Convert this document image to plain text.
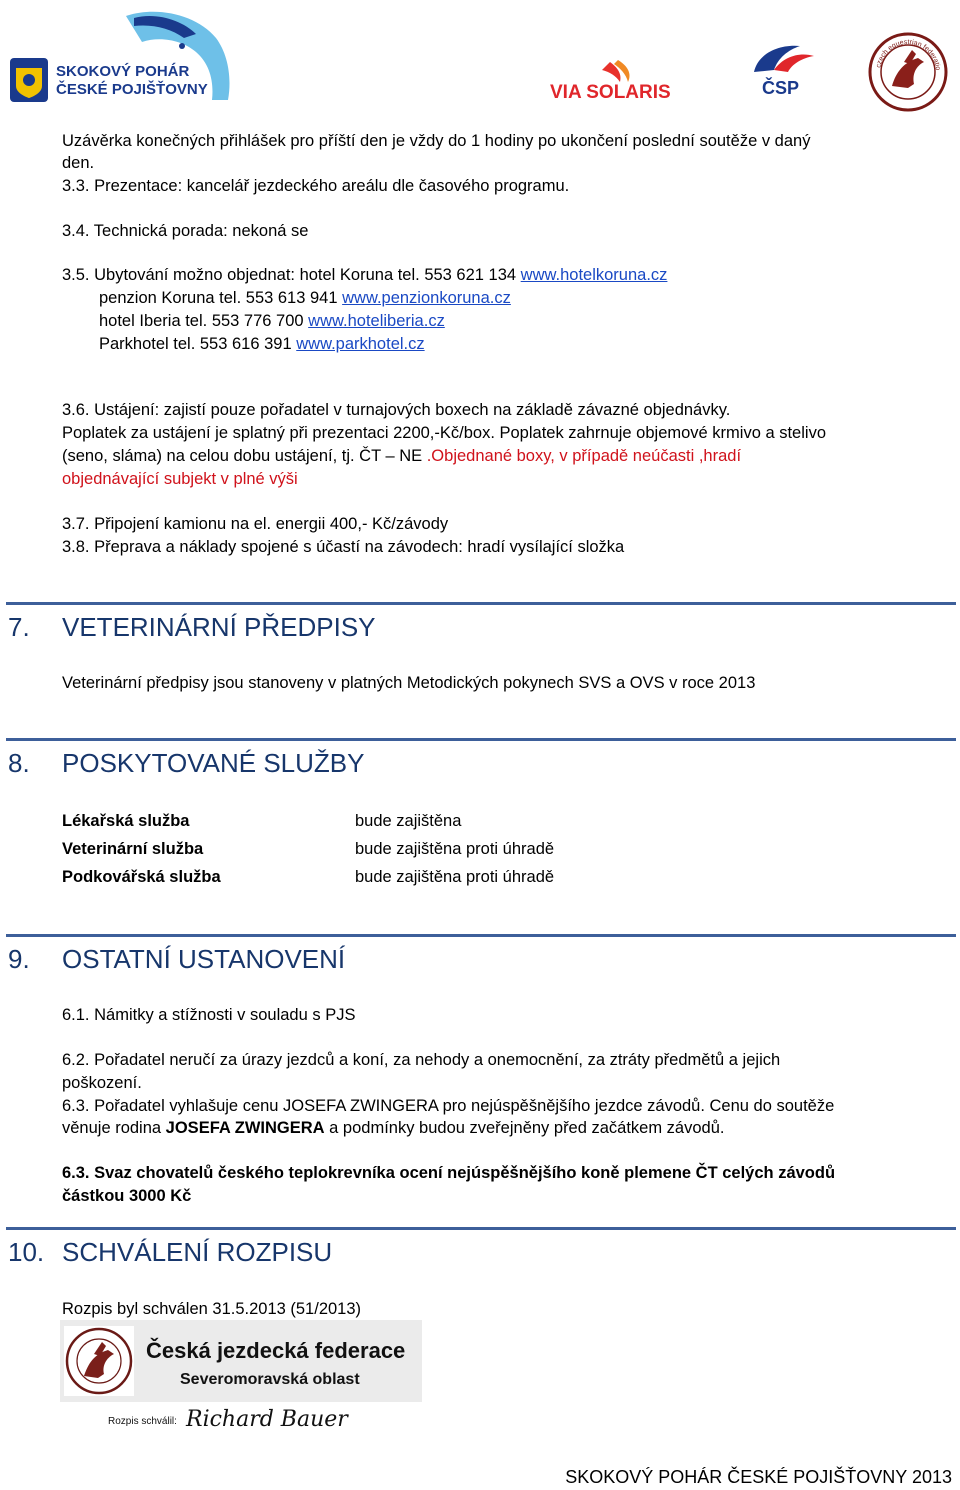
SKOKOVÝ POHÁR
ČESKÉ POJIŠŤOVNY	VIA SOLARIS	ČSP
czech equestrian federatio
Uzávěrka konečných přihlášek pro příští den je vždy do 1 hodiny po ukončení poslední soutěže v daný
den.
3.3. Prezentace: kancelář jezdeckého areálu dle časového programu.
3.4. Technická porada: nekoná se
3.5. Ubytování možno objednat: hotel Koruna tel. 553 621 134 www.hotelkoruna.cz
penzion Koruna tel. 553 613 941 www.penzionkoruna.cz
hotel Iberia tel. 553 776 700 www.hoteliberia.cz
Parkhotel tel. 553 616 391 www.parkhotel.cz
3.6. Ustájení: zajistí pouze pořadatel v turnajových boxech na základě závazné objednávky.
Poplatek za ustájení je splatný při prezentaci 2200,-Kč/box. Poplatek zahrnuje objemové krmivo a stelivo
(seno, sláma) na celou dobu ustájení, tj. ČT – NE .Objednané boxy, v případě neúčasti ,hradí
objednávající subjekt v plné výši
3.7. Připojení kamionu na el. energii 400,- Kč/závody
3.8. Přeprava a náklady spojené s účastí na závodech: hradí vysílající složka
7. VETERINÁRNÍ PŘEDPISY
Veterinární předpisy jsou stanoveny v platných Metodických pokynech SVS a OVS v roce 2013
8. POSKYTOVANÉ SLUŽBY
Lékařská služba	bude zajištěna
Veterinární služba	bude zajištěna proti úhradě
Podkovářská služba	bude zajištěna proti úhradě
9. OSTATNÍ USTANOVENÍ
6.1. Námitky a stížnosti v souladu s PJS
6.2. Pořadatel neručí za úrazy jezdců a koní, za nehody a onemocnění, za ztráty předmětů a jejich
poškození.
6.3. Pořadatel vyhlašuje cenu JOSEFA ZWINGERA pro nejúspěšnějšího jezdce závodů. Cenu do soutěže
věnuje rodina JOSEFA ZWINGERA a podmínky budou zveřejněny před začátkem závodů.
6.3. Svaz chovatelů českého teplokrevníka ocení nejúspěšnějšího koně plemene ČT celých závodů
částkou 3000 Kč
10. SCHVÁLENÍ ROZPISU
Rozpis byl schválen 31.5.2013 (51/2013)
Česká jezdecká federace
Severomoravská oblast
Rozpis schválil: Richard Bauer
SKOKOVÝ POHÁR ČESKÉ POJIŠŤOVNY 2013
